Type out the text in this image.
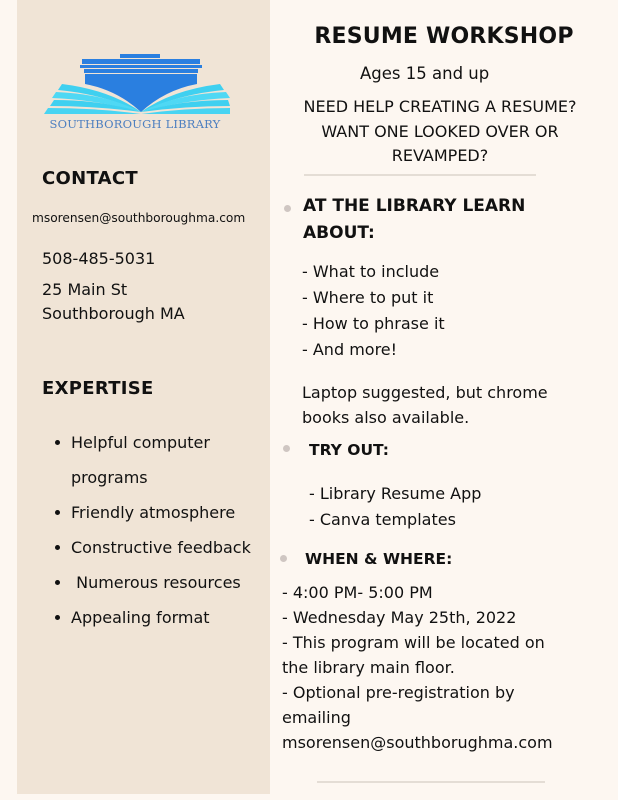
SOUTHBOROUGH LIBRARY
CONTACT
msorensen@southboroughma.com
508-485-5031
25 Main St
Southborough MA
EXPERTISE
Helpful computer programs
Friendly atmosphere
Constructive feedback
Numerous resources
Appealing format
RESUME WORKSHOP
Ages 15 and up
NEED HELP CREATING A RESUME? WANT ONE LOOKED OVER OR REVAMPED?
AT THE LIBRARY LEARN
ABOUT:
- What to include
- Where to put it
- How to phrase it
- And more!
Laptop suggested, but chrome
books also available.
TRY OUT:
- Library Resume App
- Canva templates
WHEN & WHERE:
- 4:00 PM- 5:00 PM
- Wednesday May 25th, 2022
- This program will be located on
the library main floor.
- Optional pre-registration by
emailing
msorensen@southborughma.com
